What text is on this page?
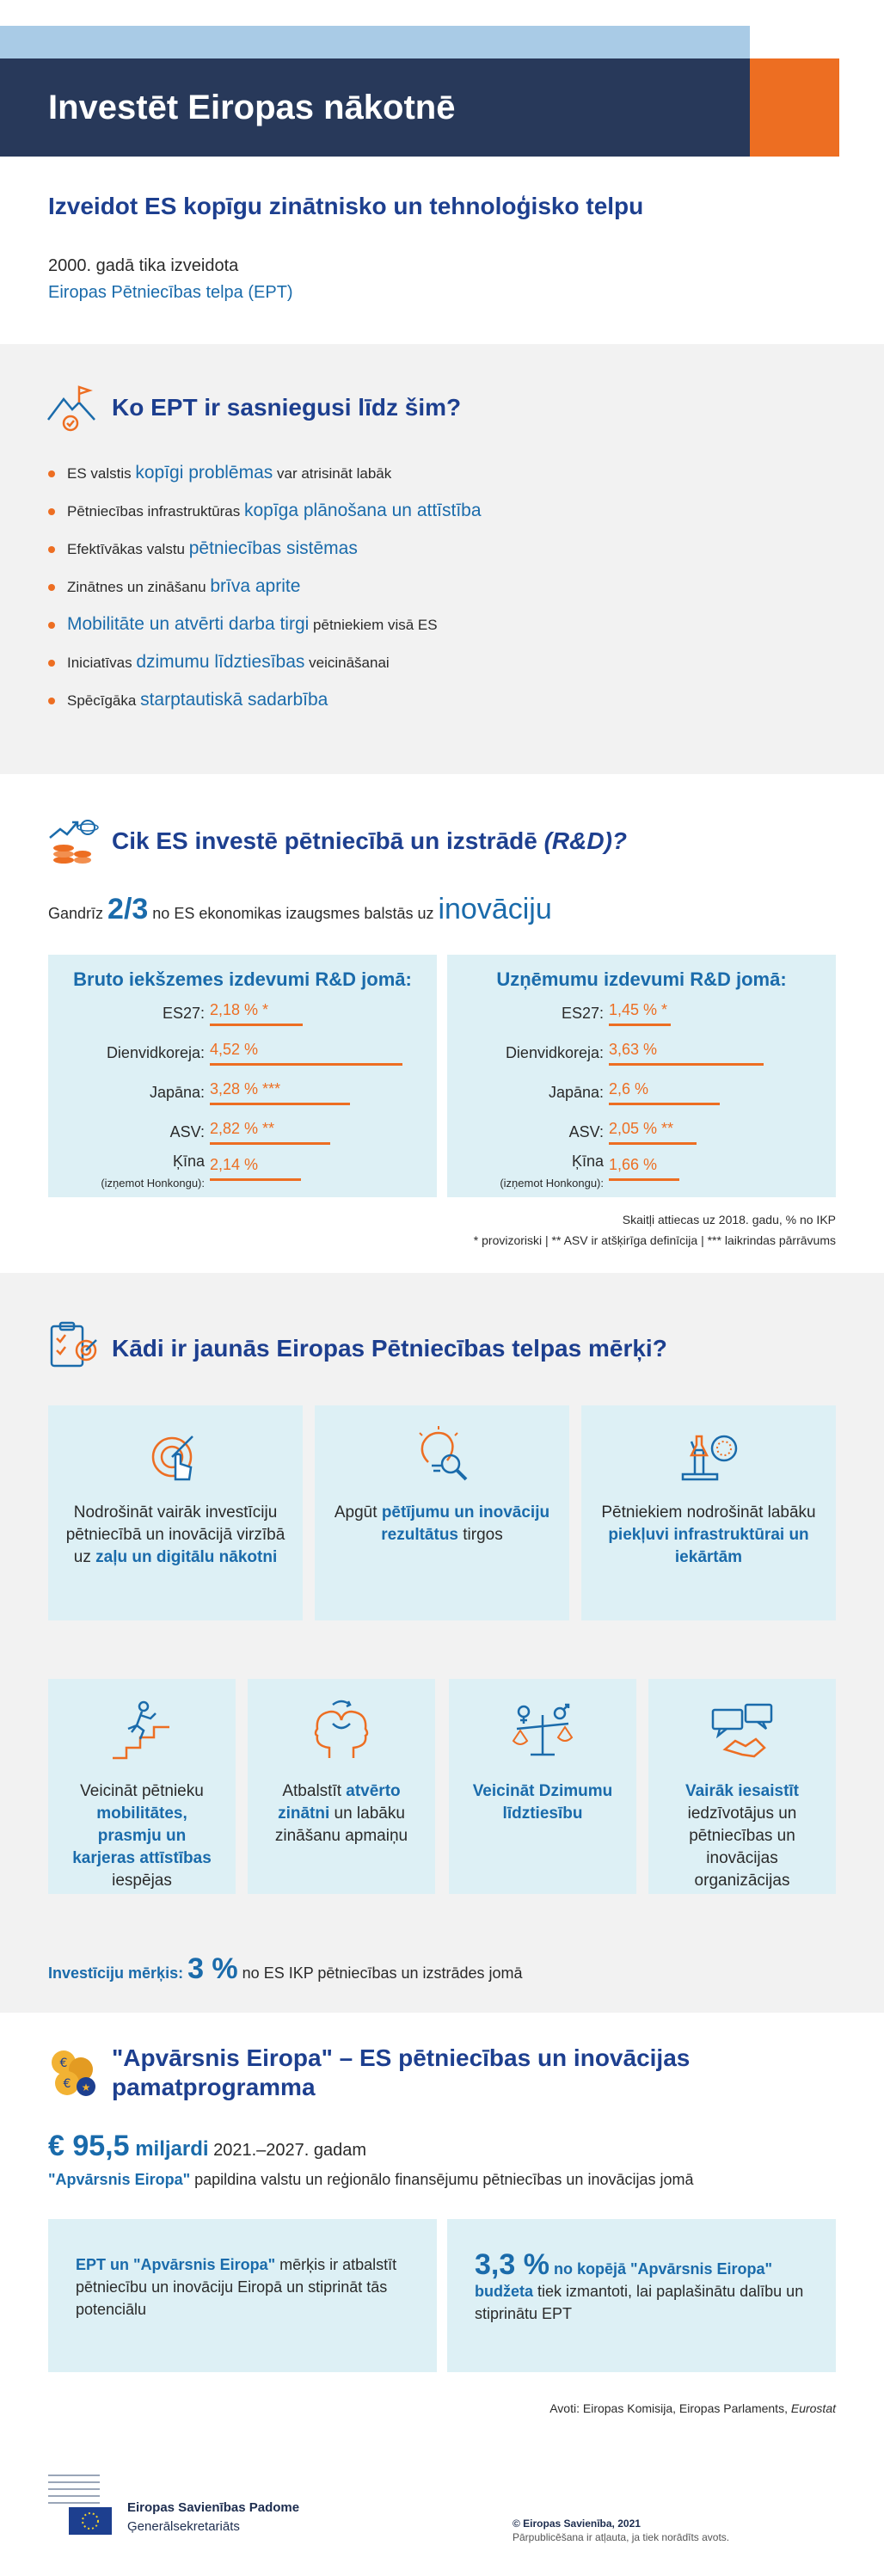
Investēt Eiropas nākotnē
Izveidot ES kopīgu zinātnisko un tehnoloģisko telpu

2000. gadā tika izveidota

Eiropas Pētniecības telpa (EPT)

Ko EPT ir sasniegusi līdz šim?
ES valstis kopīgi problēmas var atrisināt labāk
Pētniecības infrastruktūras kopīga plānošana un attīstība
Efektīvākas valstu pētniecības sistēmas
Zinātnes un zināšanu brīva aprite
Mobilitāte un atvērti darba tirgi pētniekiem visā ES
Iniciatīvas dzimumu līdztiesības veicināšanai
Spēcīgāka starptautiskā sadarbība
Cik ES investē pētniecībā un izstrādē (R&D)?
Gandrīz 2/3 no ES ekonomikas izaugsmes balstās uz inovāciju
Bruto iekšzemes izdevumi R&D jomā:
ES27: 2,18 % *
Dienvidkoreja: 4,52 %
Japāna: 3,28 % ***
ASV: 2,82 % **
Ķīna
(izņemot Honkongu):
2,14 %
Uzņēmumu izdevumi R&D jomā:
ES27: 1,45 % *
Dienvidkoreja: 3,63 %
Japāna: 2,6 %
ASV: 2,05 % **
Ķīna
(izņemot Honkongu):
1,66 %
Skaitļi attiecas uz 2018. gadu, % no IKP
* provizoriski | ** ASV ir atšķirīga definīcija | *** laikrindas pārrāvums
Kādi ir jaunās Eiropas Pētniecības telpas mērķi?
Nodrošināt vairāk investīciju pētniecībā un inovācijā virzībā uz zaļu un digitālu nākotni
Apgūt pētījumu un inovāciju rezultātus tirgos
Pētniekiem nodrošināt labāku piekļuvi infrastruktūrai un iekārtām
Veicināt pētnieku mobilitātes, prasmju un karjeras attīstības iespējas
Atbalstīt atvērto zinātni un labāku zināšanu apmaiņu
Veicināt Dzimumu līdztiesību
Vairāk iesaistīt iedzīvotājus un pētniecības un inovācijas organizācijas
Investīciju mērķis: 3 % no ES IKP pētniecības un izstrādes jomā
€
€ ★
"Apvārsnis Eiropa" – ES pētniecības un inovācijas pamatprogramma
€ 95,5 miljardi 2021.–2027. gadam
"Apvārsnis Eiropa" papildina valstu un reģionālo finansējumu pētniecības un inovācijas jomā
EPT un "Apvārsnis Eiropa" mērķis ir atbalstīt pētniecību un inovāciju Eiropā un stiprināt tās potenciālu
3,3 % no kopējā "Apvārsnis Eiropa" budžeta tiek izmantoti, lai paplašinātu dalību un stiprinātu EPT
Avoti: Eiropas Komisija, Eiropas Parlaments, Eurostat
Eiropas Savienības Padome
Ģenerālsekretariāts	© Eiropas Savienība, 2021
Pārpublicēšana ir atļauta, ja tiek norādīts avots.
